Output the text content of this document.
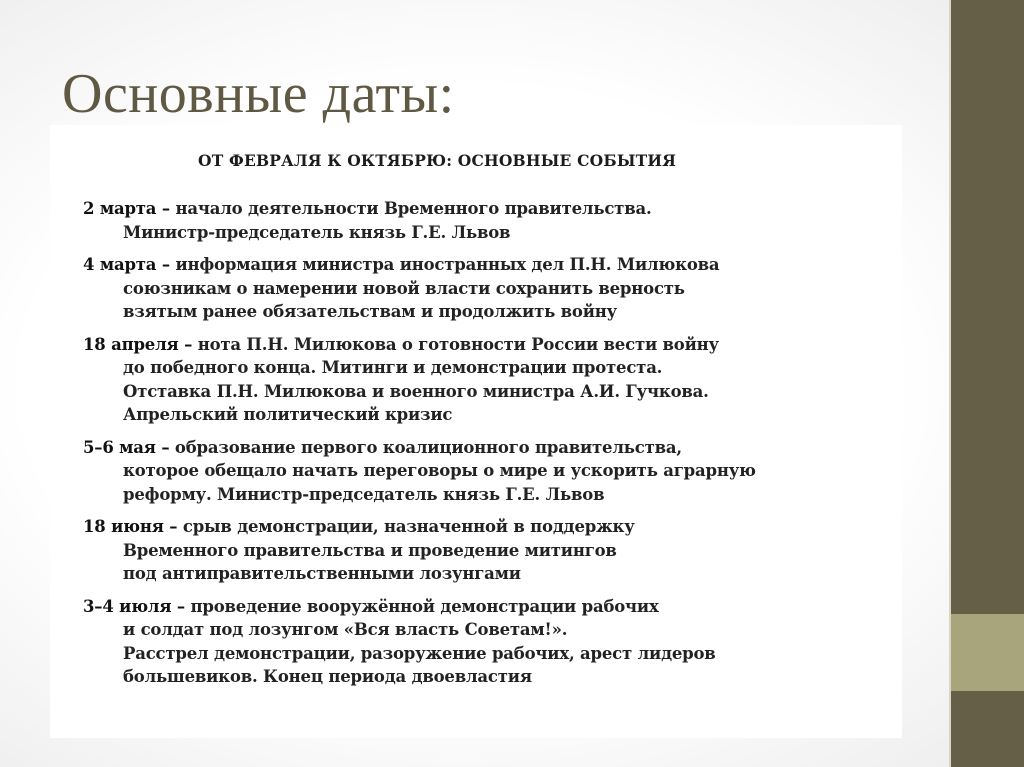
Основные даты:
ОТ ФЕВРАЛЯ К ОКТЯБРЮ: ОСНОВНЫЕ СОБЫТИЯ
2 марта – начало деятельности Временного правительства.
Министр-председатель князь Г.Е. Львов
4 марта – информация министра иностранных дел П.Н. Милюкова
союзникам о намерении новой власти сохранить верность
взятым ранее обязательствам и продолжить войну
18 апреля – нота П.Н. Милюкова о готовности России вести войну
до победного конца. Митинги и демонстрации протеста.
Отставка П.Н. Милюкова и военного министра А.И. Гучкова.
Апрельский политический кризис
5–6 мая – образование первого коалиционного правительства,
которое обещало начать переговоры о мире и ускорить аграрную
реформу. Министр-председатель князь Г.Е. Львов
18 июня – срыв демонстрации, назначенной в поддержку
Временного правительства и проведение митингов
под антиправительственными лозунгами
3–4 июля – проведение вооружённой демонстрации рабочих
и солдат под лозунгом «Вся власть Советам!».
Расстрел демонстрации, разоружение рабочих, арест лидеров
большевиков. Конец периода двоевластия
